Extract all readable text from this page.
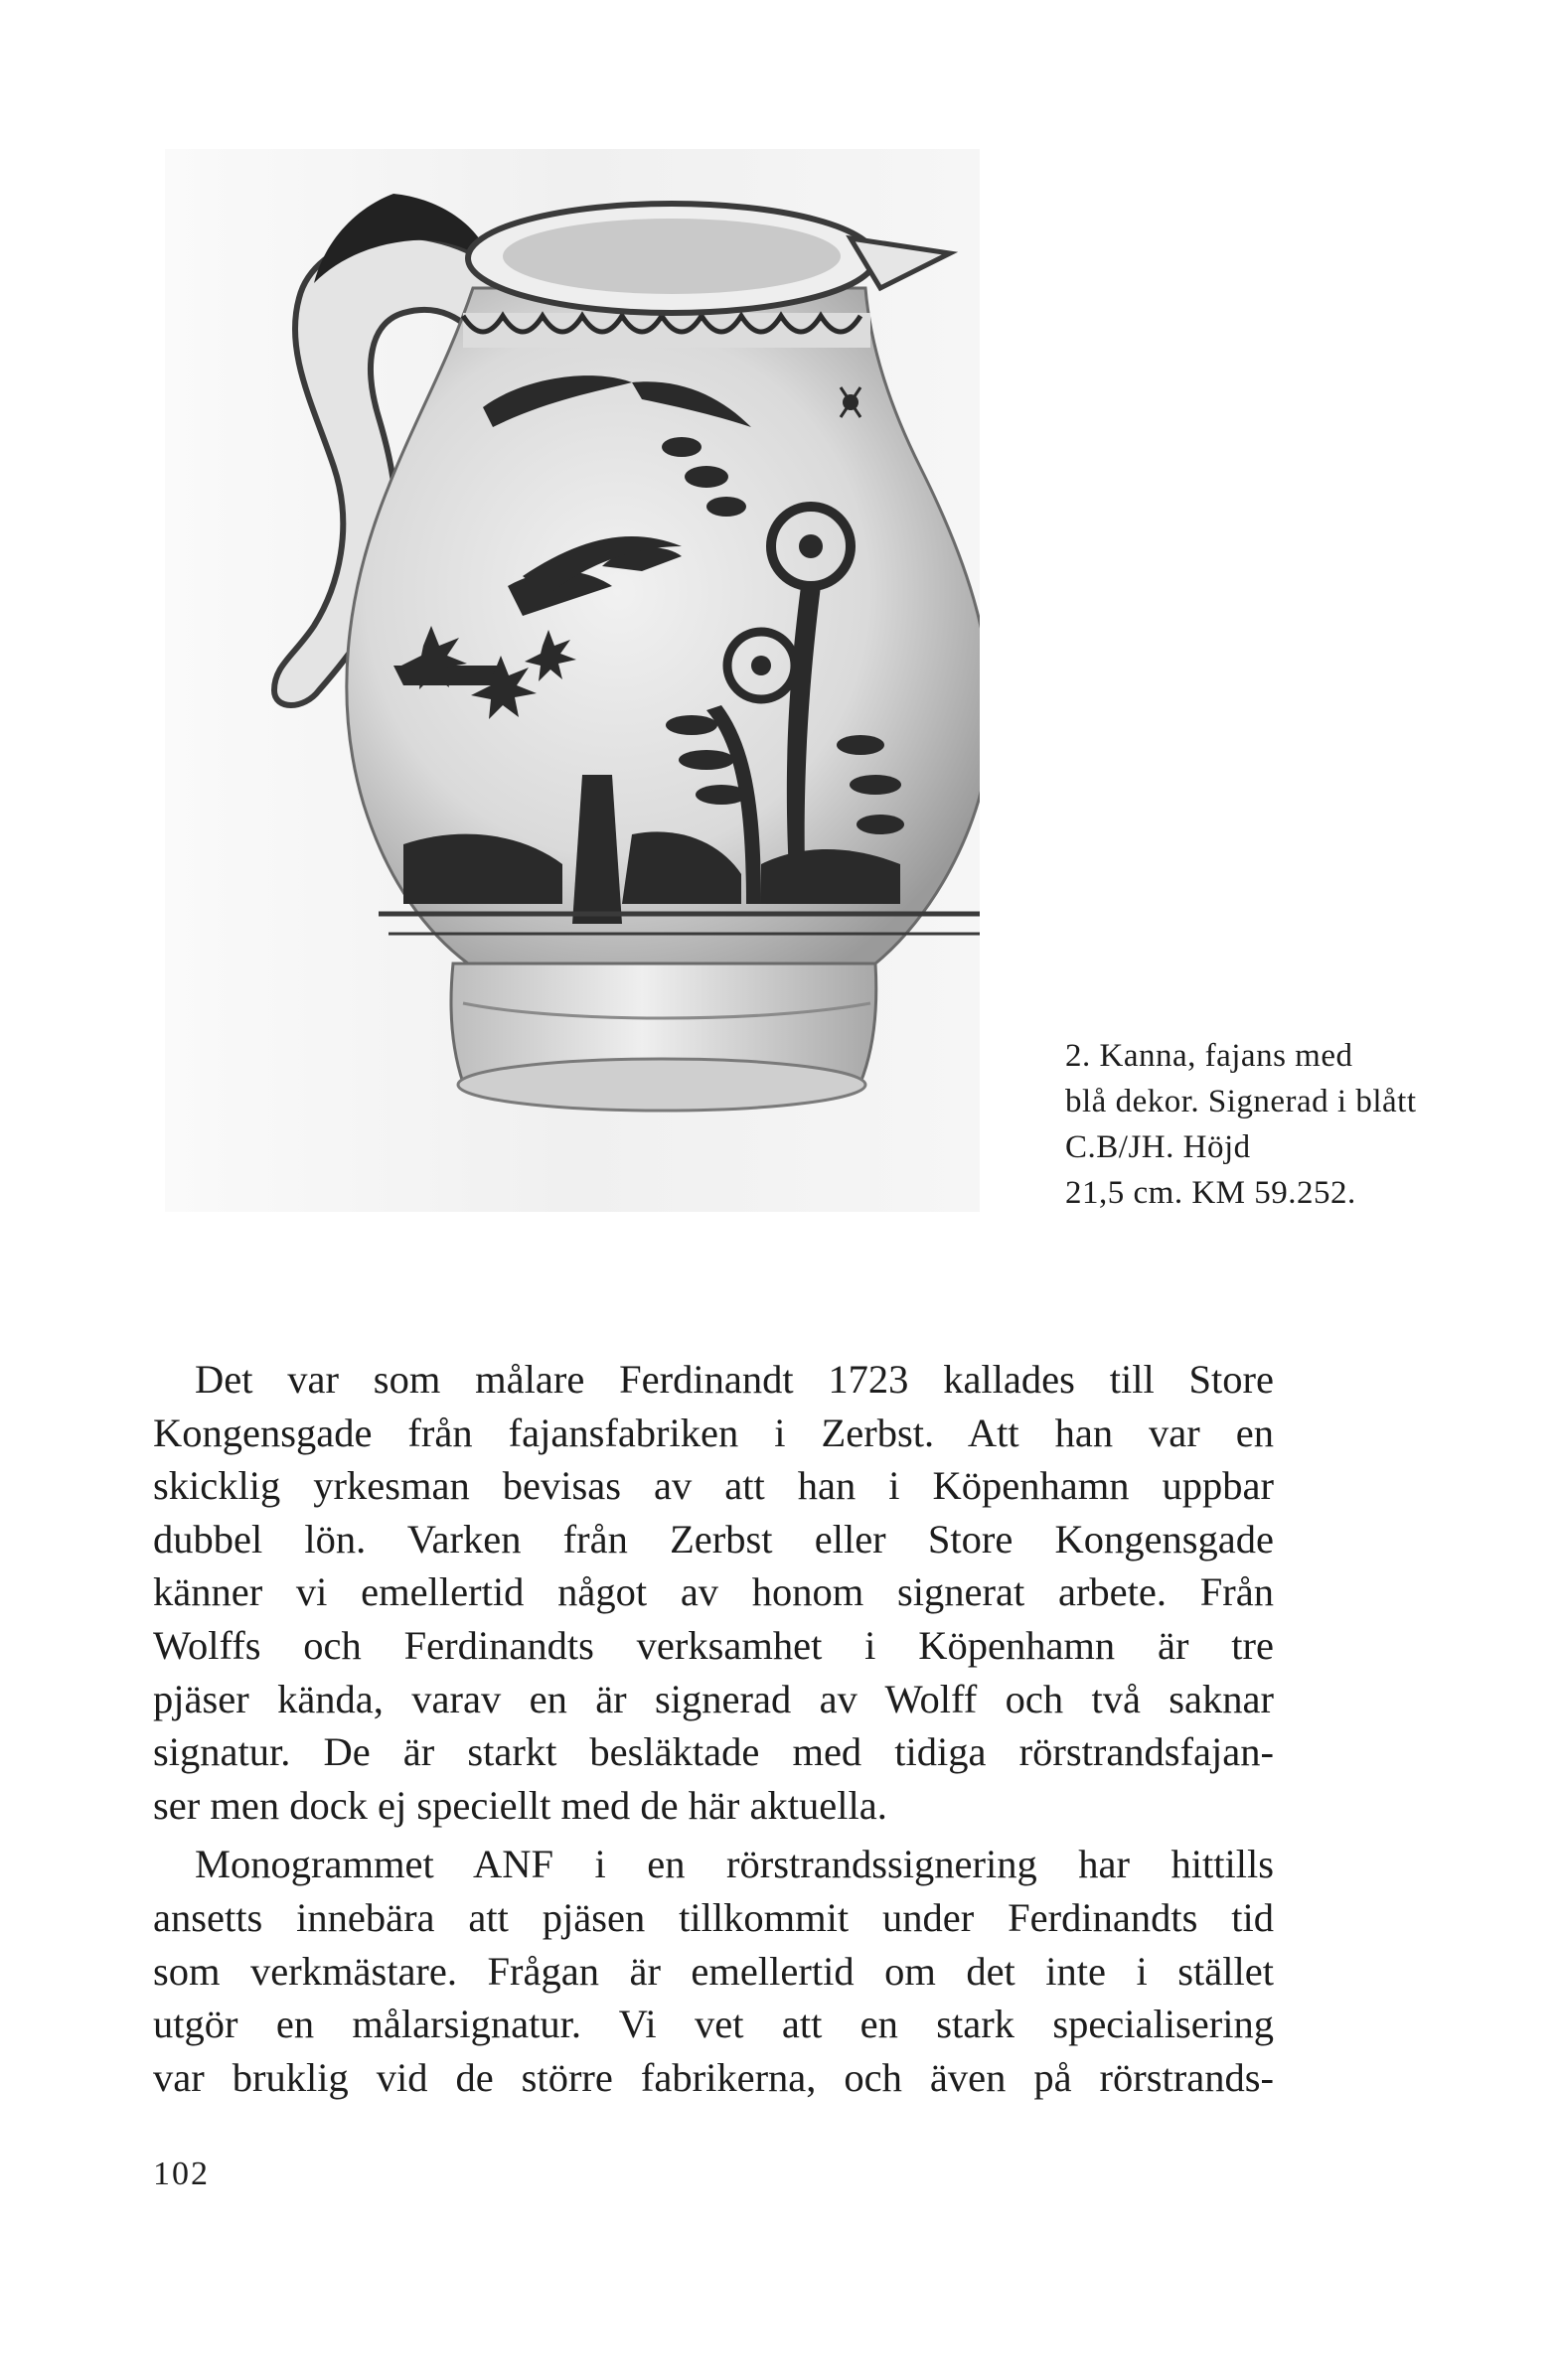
2. Kanna, fajans med
blå dekor. Signerad i blått
C.B/JH. Höjd
21,5 cm. KM 59.252.
Det var som målare Ferdinandt 1723 kallades till Store
Kongensgade från fajansfabriken i Zerbst. Att han var en
skicklig yrkesman bevisas av att han i Köpenhamn uppbar
dubbel lön. Varken från Zerbst eller Store Kongensgade
känner vi emellertid något av honom signerat arbete. Från
Wolffs och Ferdinandts verksamhet i Köpenhamn är tre
pjäser kända, varav en är signerad av Wolff och två saknar
signatur. De är starkt besläktade med tidiga rörstrandsfajan-
ser men dock ej speciellt med de här aktuella.
Monogrammet ANF i en rörstrandssignering har hittills
ansetts innebära att pjäsen tillkommit under Ferdinandts tid
som verkmästare. Frågan är emellertid om det inte i stället
utgör en målarsignatur. Vi vet att en stark specialisering
var bruklig vid de större fabrikerna, och även på rörstrands-
102
